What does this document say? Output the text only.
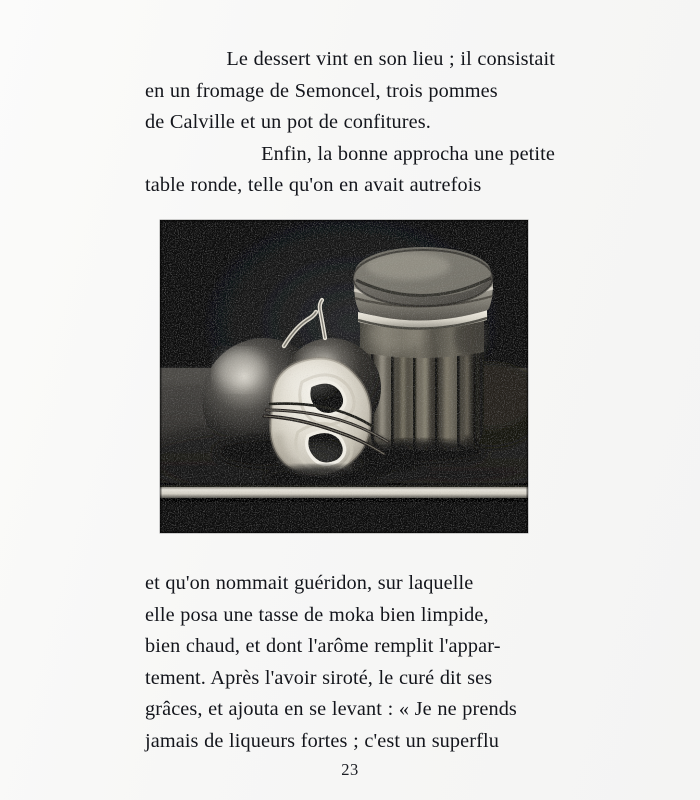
Le dessert vint en son lieu ; il consistait
en un fromage de Semoncel, trois pommes
de Calville et un pot de confitures.

Enfin, la bonne approcha une petite
table ronde, telle qu'on en avait autrefois

et qu'on nommait guéridon, sur laquelle
elle posa une tasse de moka bien limpide,
bien chaud, et dont l'arôme remplit l'appar-
tement. Après l'avoir siroté, le curé dit ses
grâces, et ajouta en se levant : « Je ne prends
jamais de liqueurs fortes ; c'est un superflu

23
